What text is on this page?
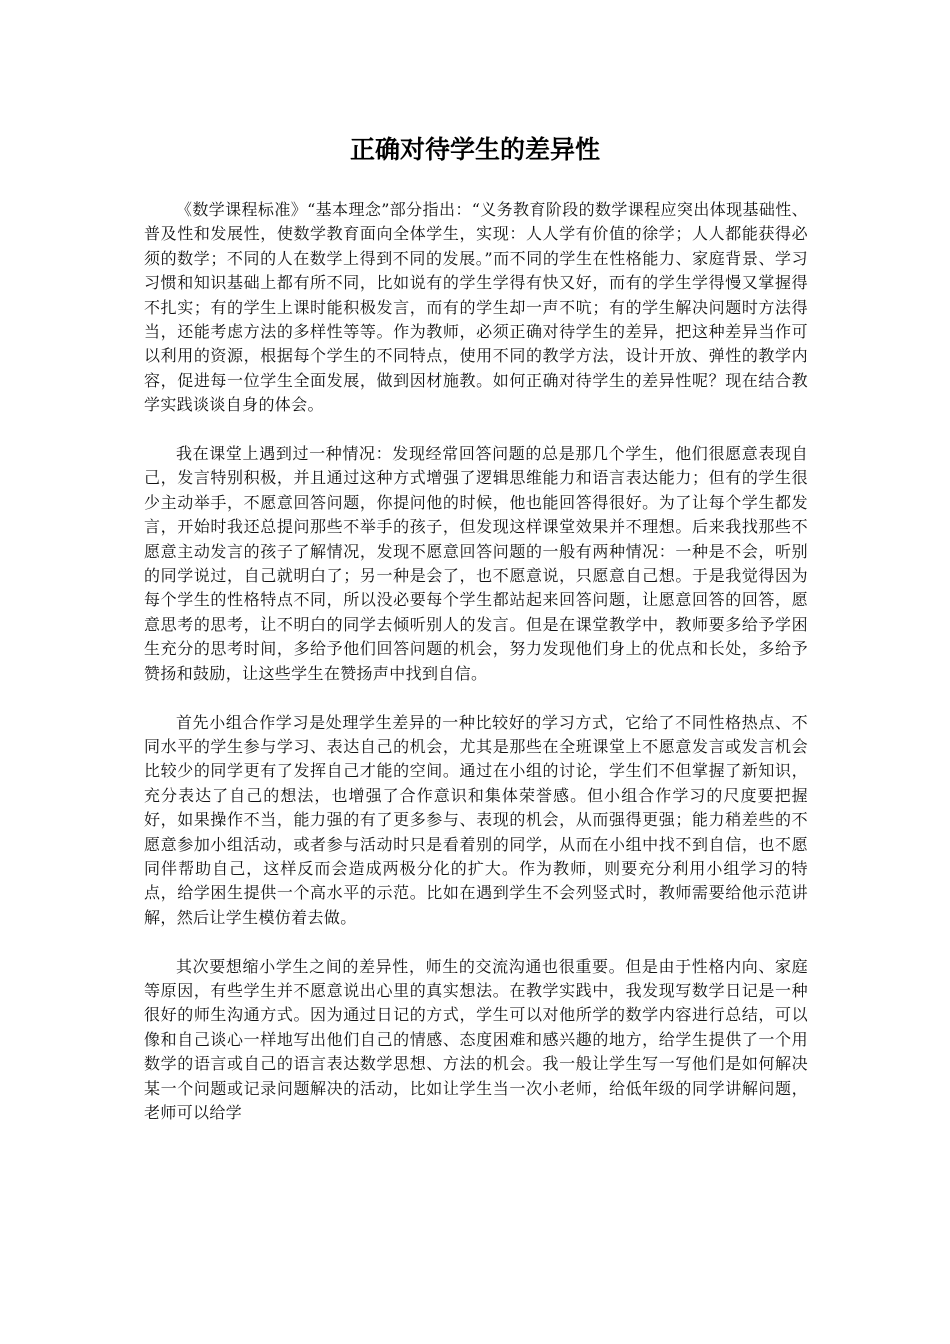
正确对待学生的差异性

《数学课程标准》“基本理念”部分指出：“义务教育阶段的数学课程应突出体现基础性、普及性和发展性，使数学教育面向全体学生，实现：人人学有价值的徐学；人人都能获得必须的数学；不同的人在数学上得到不同的发展。”而不同的学生在性格能力、家庭背景、学习习惯和知识基础上都有所不同，比如说有的学生学得有快又好，而有的学生学得慢又掌握得不扎实；有的学生上课时能积极发言，而有的学生却一声不吭；有的学生解决问题时方法得当，还能考虑方法的多样性等等。作为教师，必须正确对待学生的差异，把这种差异当作可以利用的资源，根据每个学生的不同特点，使用不同的教学方法，设计开放、弹性的教学内容，促进每一位学生全面发展，做到因材施教。如何正确对待学生的差异性呢？现在结合教学实践谈谈自身的体会。

我在课堂上遇到过一种情况：发现经常回答问题的总是那几个学生，他们很愿意表现自己，发言特别积极，并且通过这种方式增强了逻辑思维能力和语言表达能力；但有的学生很少主动举手，不愿意回答问题，你提问他的时候，他也能回答得很好。为了让每个学生都发言，开始时我还总提问那些不举手的孩子，但发现这样课堂效果并不理想。后来我找那些不愿意主动发言的孩子了解情况，发现不愿意回答问题的一般有两种情况：一种是不会，听别的同学说过，自己就明白了；另一种是会了，也不愿意说，只愿意自己想。于是我觉得因为每个学生的性格特点不同，所以没必要每个学生都站起来回答问题，让愿意回答的回答，愿意思考的思考，让不明白的同学去倾听别人的发言。但是在课堂教学中，教师要多给予学困生充分的思考时间，多给予他们回答问题的机会，努力发现他们身上的优点和长处，多给予赞扬和鼓励，让这些学生在赞扬声中找到自信。

首先小组合作学习是处理学生差异的一种比较好的学习方式，它给了不同性格热点、不同水平的学生参与学习、表达自己的机会，尤其是那些在全班课堂上不愿意发言或发言机会比较少的同学更有了发挥自己才能的空间。通过在小组的讨论，学生们不但掌握了新知识，充分表达了自己的想法，也增强了合作意识和集体荣誉感。但小组合作学习的尺度要把握好，如果操作不当，能力强的有了更多参与、表现的机会，从而强得更强；能力稍差些的不愿意参加小组活动，或者参与活动时只是看着别的同学，从而在小组中找不到自信，也不愿同伴帮助自己，这样反而会造成两极分化的扩大。作为教师，则要充分利用小组学习的特点，给学困生提供一个高水平的示范。比如在遇到学生不会列竖式时，教师需要给他示范讲解，然后让学生模仿着去做。

其次要想缩小学生之间的差异性，师生的交流沟通也很重要。但是由于性格内向、家庭等原因，有些学生并不愿意说出心里的真实想法。在教学实践中，我发现写数学日记是一种很好的师生沟通方式。因为通过日记的方式，学生可以对他所学的数学内容进行总结，可以像和自己谈心一样地写出他们自己的情感、态度困难和感兴趣的地方，给学生提供了一个用数学的语言或自己的语言表达数学思想、方法的机会。我一般让学生写一写他们是如何解决某一个问题或记录问题解决的活动，比如让学生当一次小老师，给低年级的同学讲解问题，老师可以给学
